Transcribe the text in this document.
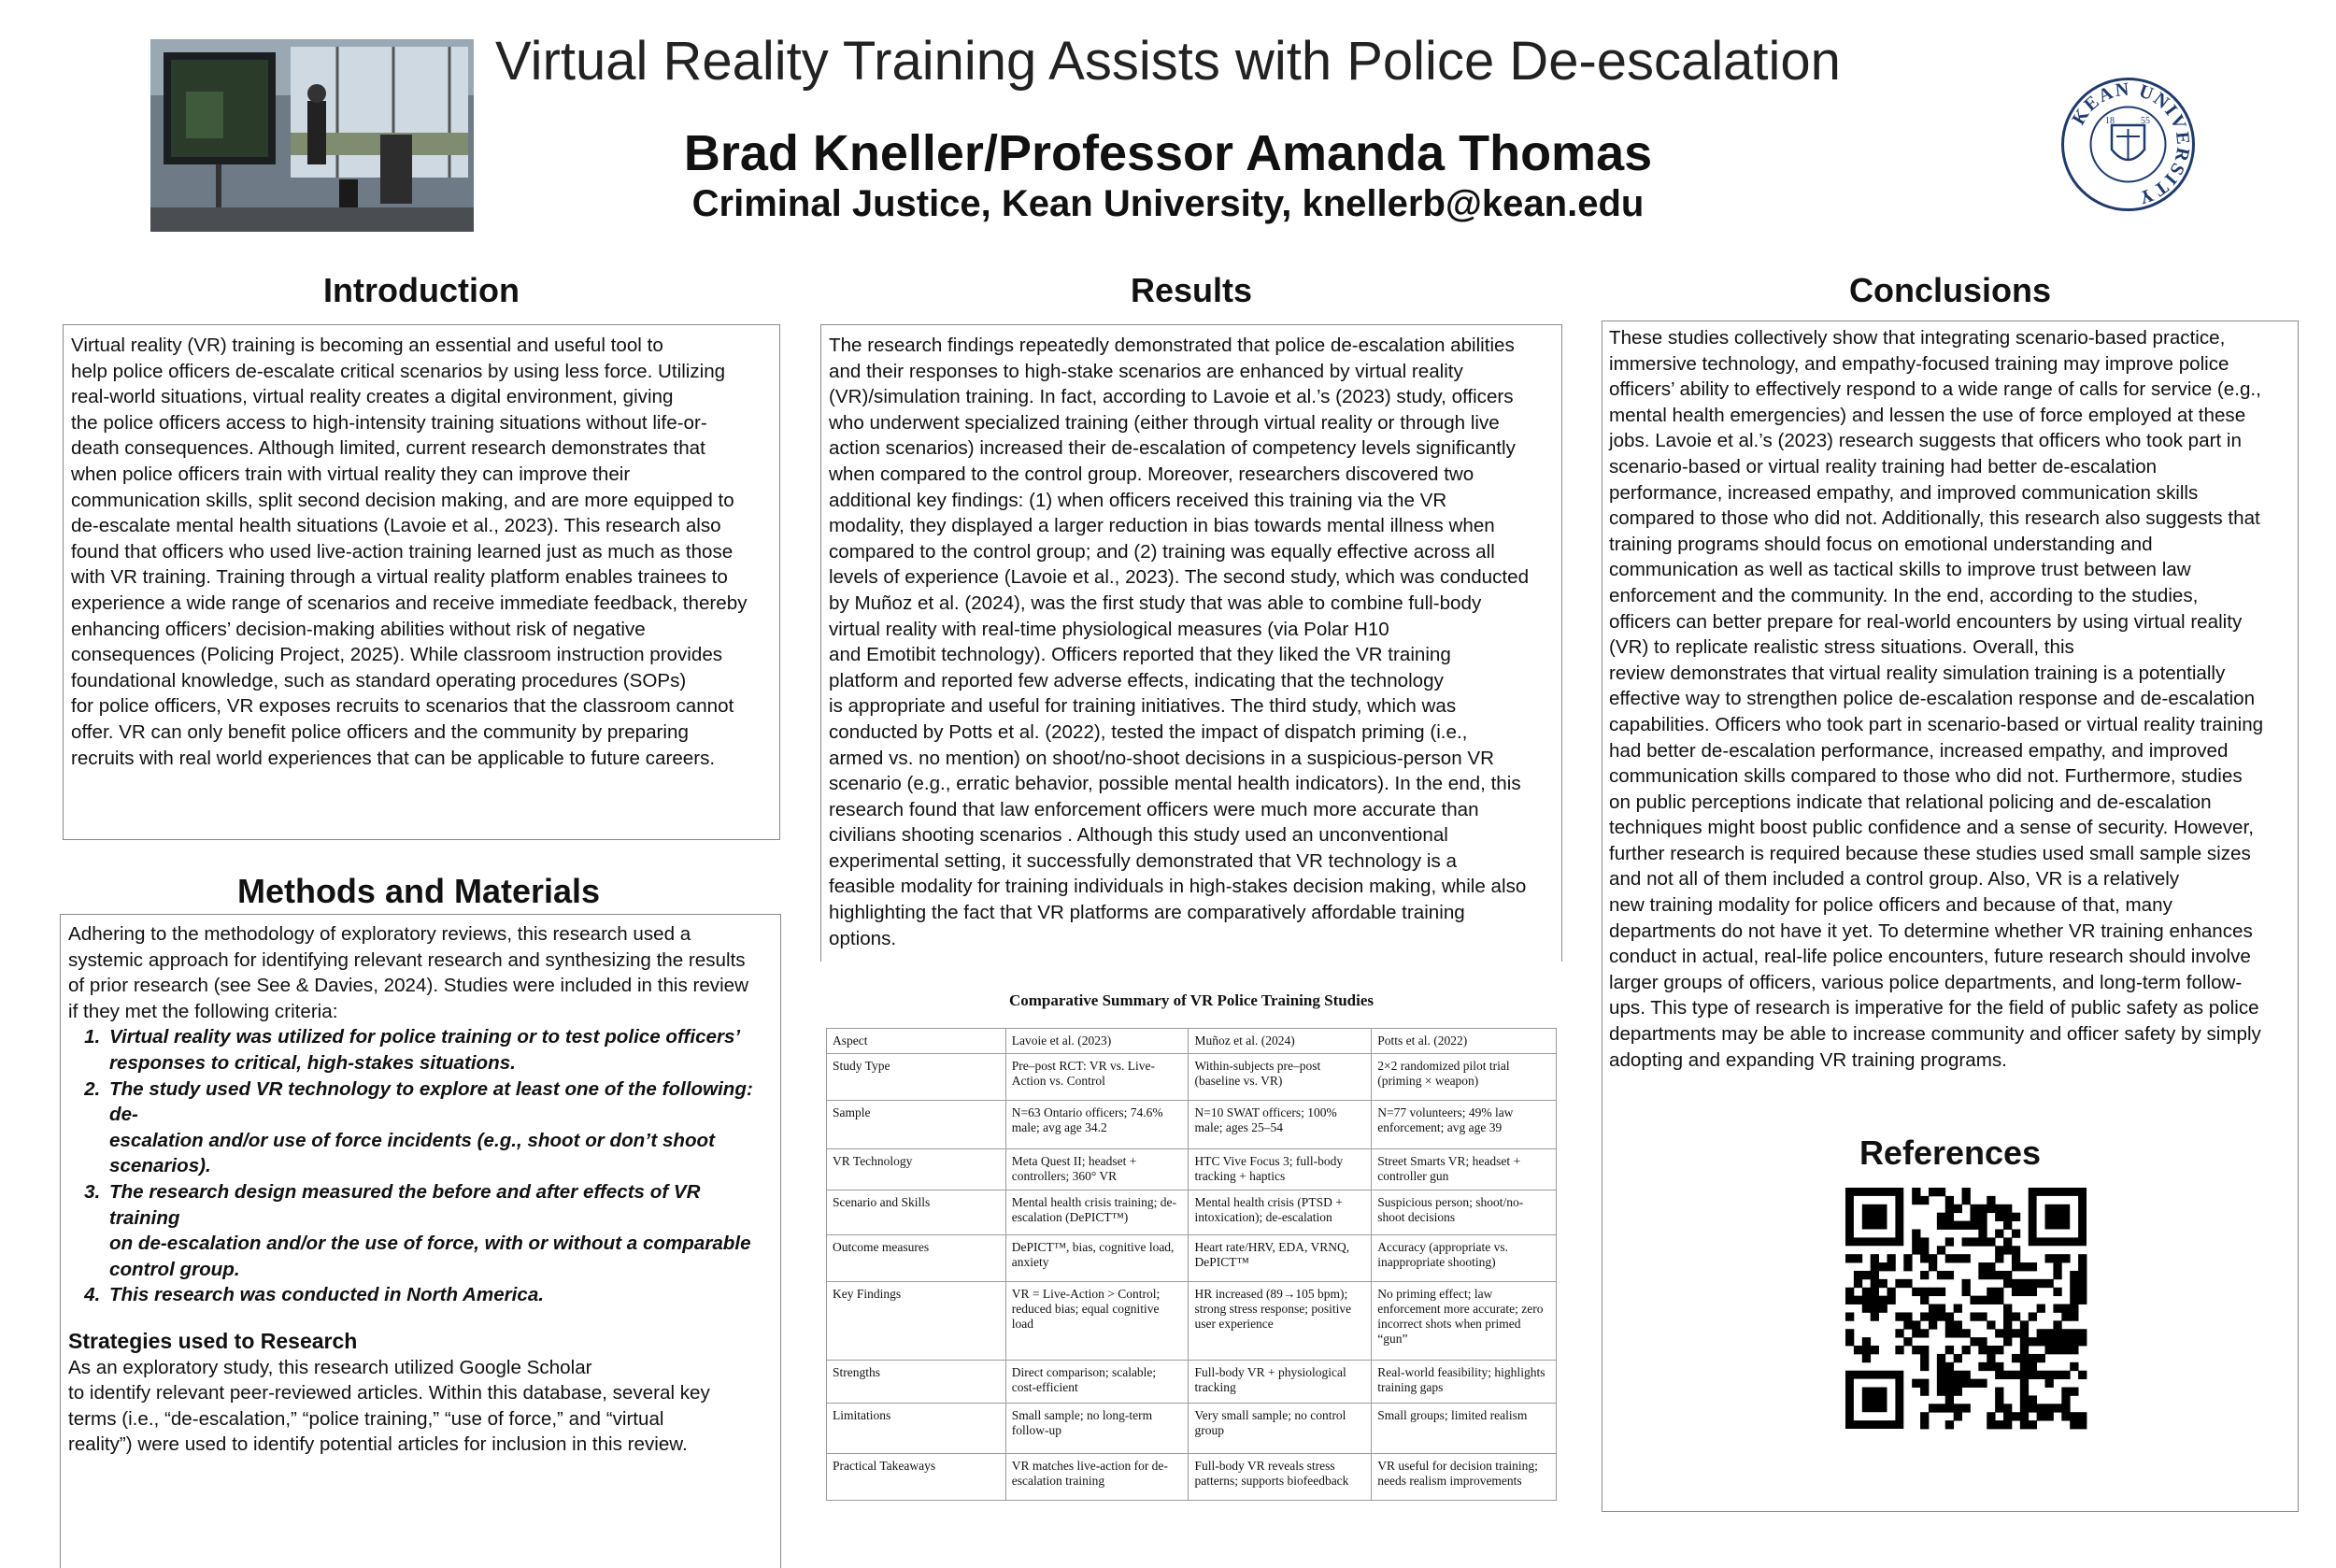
Virtual Reality Training Assists with Police De-escalation
Brad Kneller/Professor Amanda Thomas
Criminal Justice, Kean University, knellerb@kean.edu
KEAN UNIVERSITY
18	55
Introduction
Virtual reality (VR) training is becoming an essential and useful tool to
help police officers de-escalate critical scenarios by using less force. Utilizing
real-world situations, virtual reality creates a digital environment, giving
the police officers access to high-intensity training situations without life-or-
death consequences. Although limited, current research demonstrates that
when police officers train with virtual reality they can improve their
communication skills, split second decision making, and are more equipped to
de-escalate mental health situations (Lavoie et al., 2023). This research also
found that officers who used live-action training learned just as much as those
with VR training. Training through a virtual reality platform enables trainees to
experience a wide range of scenarios and receive immediate feedback, thereby
enhancing officers’ decision-making abilities without risk of negative
consequences (Policing Project, 2025). While classroom instruction provides
foundational knowledge, such as standard operating procedures (SOPs)
for police officers, VR exposes recruits to scenarios that the classroom cannot
offer. VR can only benefit police officers and the community by preparing
recruits with real world experiences that can be applicable to future careers.
Methods and Materials
Adhering to the methodology of exploratory reviews, this research used a
systemic approach for identifying relevant research and synthesizing the results
of prior research (see See & Davies, 2024). Studies were included in this review
if they met the following criteria:
1. Virtual reality was utilized for police training or to test police officers’
responses to critical, high-stakes situations.
2. The study used VR technology to explore at least one of the following: de-
escalation and/or use of force incidents (e.g., shoot or don’t shoot
scenarios).
3. The research design measured the before and after effects of VR training
on de-escalation and/or the use of force, with or without a comparable
control group.
4. This research was conducted in North America.
Strategies used to Research
As an exploratory study, this research utilized Google Scholar
to identify relevant peer-reviewed articles. Within this database, several key
terms (i.e., “de-escalation,” “police training,” “use of force,” and “virtual
reality”) were used to identify potential articles for inclusion in this review.
Results
The research findings repeatedly demonstrated that police de-escalation abilities
and their responses to high-stake scenarios are enhanced by virtual reality
(VR)/simulation training. In fact, according to Lavoie et al.’s (2023) study, officers
who underwent specialized training (either through virtual reality or through live
action scenarios) increased their de-escalation of competency levels significantly
when compared to the control group. Moreover, researchers discovered two
additional key findings: (1) when officers received this training via the VR
modality, they displayed a larger reduction in bias towards mental illness when
compared to the control group; and (2) training was equally effective across all
levels of experience (Lavoie et al., 2023). The second study, which was conducted
by Muñoz et al. (2024), was the first study that was able to combine full-body
virtual reality with real-time physiological measures (via Polar H10
and Emotibit technology). Officers reported that they liked the VR training
platform and reported few adverse effects, indicating that the technology
is appropriate and useful for training initiatives. The third study, which was
conducted by Potts et al. (2022), tested the impact of dispatch priming (i.e.,
armed vs. no mention) on shoot/no-shoot decisions in a suspicious-person VR
scenario (e.g., erratic behavior, possible mental health indicators). In the end, this
research found that law enforcement officers were much more accurate than
civilians shooting scenarios . Although this study used an unconventional
experimental setting, it successfully demonstrated that VR technology is a
feasible modality for training individuals in high-stakes decision making, while also
highlighting the fact that VR platforms are comparatively affordable training
options.
Comparative Summary of VR Police Training Studies
Aspect	Lavoie et al. (2023)	Muñoz et al. (2024)	Potts et al. (2022)
Study Type	Pre–post RCT: VR vs. Live-Action vs. Control	Within-subjects pre–post (baseline vs. VR)	2×2 randomized pilot trial (priming × weapon)
Sample	N=63 Ontario officers; 74.6% male; avg age 34.2	N=10 SWAT officers; 100% male; ages 25–54	N=77 volunteers; 49% law enforcement; avg age 39
VR Technology	Meta Quest II; headset + controllers; 360° VR	HTC Vive Focus 3; full-body tracking + haptics	Street Smarts VR; headset + controller gun
Scenario and Skills	Mental health crisis training; de-escalation (DePICT™)	Mental health crisis (PTSD + intoxication); de-escalation	Suspicious person; shoot/no-shoot decisions
Outcome measures	DePICT™, bias, cognitive load, anxiety	Heart rate/HRV, EDA, VRNQ, DePICT™	Accuracy (appropriate vs. inappropriate shooting)
Key Findings	VR = Live-Action > Control; reduced bias; equal cognitive load	HR increased (89→105 bpm); strong stress response; positive user experience	No priming effect; law enforcement more accurate; zero incorrect shots when primed “gun”
Strengths	Direct comparison; scalable; cost-efficient	Full-body VR + physiological tracking	Real-world feasibility; highlights training gaps
Limitations	Small sample; no long-term follow-up	Very small sample; no control group	Small groups; limited realism
Practical Takeaways	VR matches live-action for de-escalation training	Full-body VR reveals stress patterns; supports biofeedback	VR useful for decision training; needs realism improvements
Conclusions
These studies collectively show that integrating scenario-based practice,
immersive technology, and empathy-focused training may improve police
officers’ ability to effectively respond to a wide range of calls for service (e.g.,
mental health emergencies) and lessen the use of force employed at these
jobs. Lavoie et al.’s (2023) research suggests that officers who took part in
scenario-based or virtual reality training had better de-escalation
performance, increased empathy, and improved communication skills
compared to those who did not. Additionally, this research also suggests that
training programs should focus on emotional understanding and
communication as well as tactical skills to improve trust between law
enforcement and the community. In the end, according to the studies,
officers can better prepare for real-world encounters by using virtual reality
(VR) to replicate realistic stress situations. Overall, this
review demonstrates that virtual reality simulation training is a potentially
effective way to strengthen police de-escalation response and de-escalation
capabilities. Officers who took part in scenario-based or virtual reality training
had better de-escalation performance, increased empathy, and improved
communication skills compared to those who did not. Furthermore, studies
on public perceptions indicate that relational policing and de-escalation
techniques might boost public confidence and a sense of security. However,
further research is required because these studies used small sample sizes
and not all of them included a control group. Also, VR is a relatively
new training modality for police officers and because of that, many
departments do not have it yet. To determine whether VR training enhances
conduct in actual, real-life police encounters, future research should involve
larger groups of officers, various police departments, and long-term follow-
ups. This type of research is imperative for the field of public safety as police
departments may be able to increase community and officer safety by simply
adopting and expanding VR training programs.
References
